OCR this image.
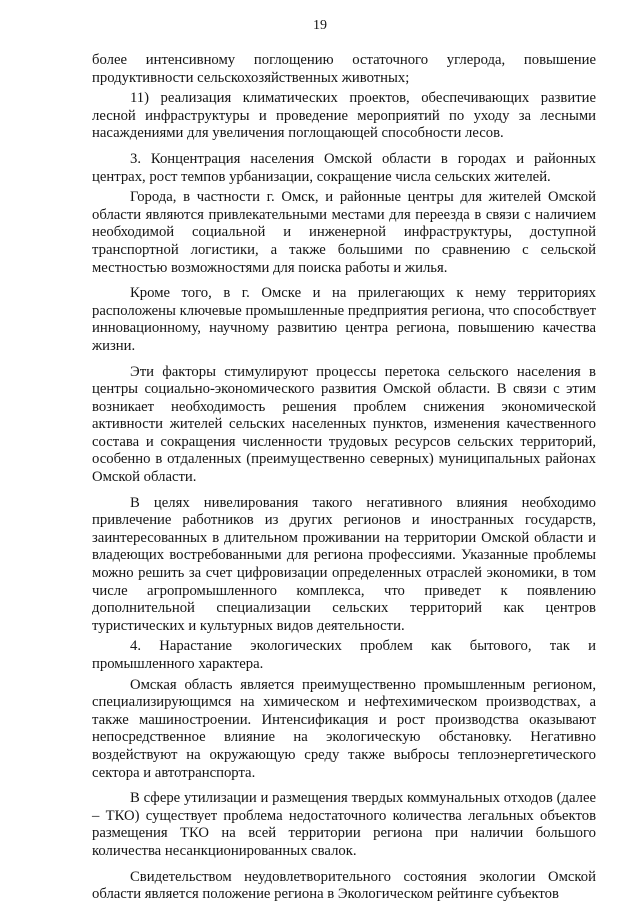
19

более интенсивному поглощению остаточного углерода, повышение продуктивности сельскохозяйственных животных;

11) реализация климатических проектов, обеспечивающих развитие лесной инфраструктуры и проведение мероприятий по уходу за лесными насаждениями для увеличения поглощающей способности лесов.

3. Концентрация населения Омской области в городах и районных центрах, рост темпов урбанизации, сокращение числа сельских жителей.

Города, в частности г. Омск, и районные центры для жителей Омской области являются привлекательными местами для переезда в связи с наличием необходимой социальной и инженерной инфраструктуры, доступной транспортной логистики, а также большими по сравнению с сельской местностью возможностями для поиска работы и жилья.

Кроме того, в г. Омске и на прилегающих к нему территориях расположены ключевые промышленные предприятия региона, что способствует инновационному, научному развитию центра региона, повышению качества жизни.

Эти факторы стимулируют процессы перетока сельского населения в центры социально-экономического развития Омской области. В связи с этим возникает необходимость решения проблем снижения экономической активности жителей сельских населенных пунктов, изменения качественного состава и сокращения численности трудовых ресурсов сельских территорий, особенно в отдаленных (преимущественно северных) муниципальных районах Омской области.

В целях нивелирования такого негативного влияния необходимо привлечение работников из других регионов и иностранных государств, заинтересованных в длительном проживании на территории Омской области и владеющих востребованными для региона профессиями. Указанные проблемы можно решить за счет цифровизации определенных отраслей экономики, в том числе агропромышленного комплекса, что приведет к появлению дополнительной специализации сельских территорий как центров туристических и культурных видов деятельности.

4. Нарастание экологических проблем как бытового, так и промышленного характера.

Омская область является преимущественно промышленным регионом, специализирующимся на химическом и нефтехимическом производствах, а также машиностроении. Интенсификация и рост производства оказывают непосредственное влияние на экологическую обстановку. Негативно воздействуют на окружающую среду также выбросы теплоэнергетического сектора и автотранспорта.

В сфере утилизации и размещения твердых коммунальных отходов (далее – ТКО) существует проблема недостаточного количества легальных объектов размещения ТКО на всей территории региона при наличии большого количества несанкционированных свалок.

Свидетельством неудовлетворительного состояния экологии Омской области является положение региона в Экологическом рейтинге субъектов
